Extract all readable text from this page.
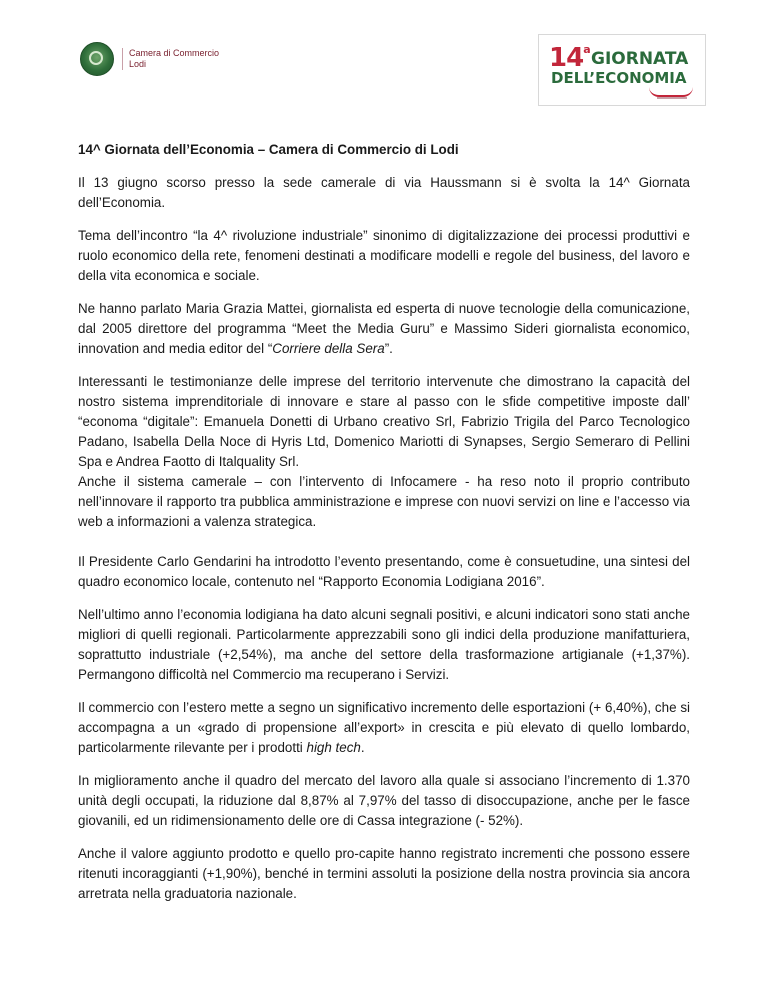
Camera di Commercio
Lodi	14$^a$ GIORNATA
DELL’ECONOMIA

14^ Giornata dell’Economia – Camera di Commercio di Lodi

Il 13 giugno scorso presso la sede camerale di via Haussmann si è svolta la 14^ Giornata dell’Economia.

Tema dell’incontro “la 4^ rivoluzione industriale” sinonimo di digitalizzazione dei processi produttivi e ruolo economico della rete, fenomeni destinati a modificare modelli e regole del business, del lavoro e della vita economica e sociale.

Ne hanno parlato Maria Grazia Mattei, giornalista ed esperta di nuove tecnologie della comunicazione, dal 2005 direttore del programma “Meet the Media Guru” e Massimo Sideri giornalista economico, innovation and media editor del “Corriere della Sera”.

Interessanti le testimonianze delle imprese del territorio intervenute che dimostrano la capacità del nostro sistema imprenditoriale di innovare e stare al passo con le sfide competitive imposte dall’ “economa “digitale”: Emanuela Donetti di Urbano creativo Srl, Fabrizio Trigila del Parco Tecnologico Padano, Isabella Della Noce di Hyris Ltd, Domenico Mariotti di Synapses, Sergio Semeraro di Pellini Spa e Andrea Faotto di Italquality Srl.

Anche il sistema camerale – con l’intervento di Infocamere - ha reso noto il proprio contributo nell’innovare il rapporto tra pubblica amministrazione e imprese con nuovi servizi on line e l’accesso via web a informazioni a valenza strategica.

Il Presidente Carlo Gendarini ha introdotto l’evento presentando, come è consuetudine, una sintesi del quadro economico locale, contenuto nel “Rapporto Economia Lodigiana 2016”.

Nell’ultimo anno l’economia lodigiana ha dato alcuni segnali positivi, e alcuni indicatori sono stati anche migliori di quelli regionali. Particolarmente apprezzabili sono gli indici della produzione manifatturiera, soprattutto industriale (+2,54%), ma anche del settore della trasformazione artigianale (+1,37%). Permangono difficoltà nel Commercio ma recuperano i Servizi.

Il commercio con l’estero mette a segno un significativo incremento delle esportazioni (+ 6,40%), che si accompagna a un «grado di propensione all’export» in crescita e più elevato di quello lombardo, particolarmente rilevante per i prodotti high tech.

In miglioramento anche il quadro del mercato del lavoro alla quale si associano l’incremento di 1.370 unità degli occupati, la riduzione dal 8,87% al 7,97% del tasso di disoccupazione, anche per le fasce giovanili, ed un ridimensionamento delle ore di Cassa integrazione (- 52%).

Anche il valore aggiunto prodotto e quello pro-capite hanno registrato incrementi che possono essere ritenuti incoraggianti (+1,90%), benché in termini assoluti la posizione della nostra provincia sia ancora arretrata nella graduatoria nazionale.
